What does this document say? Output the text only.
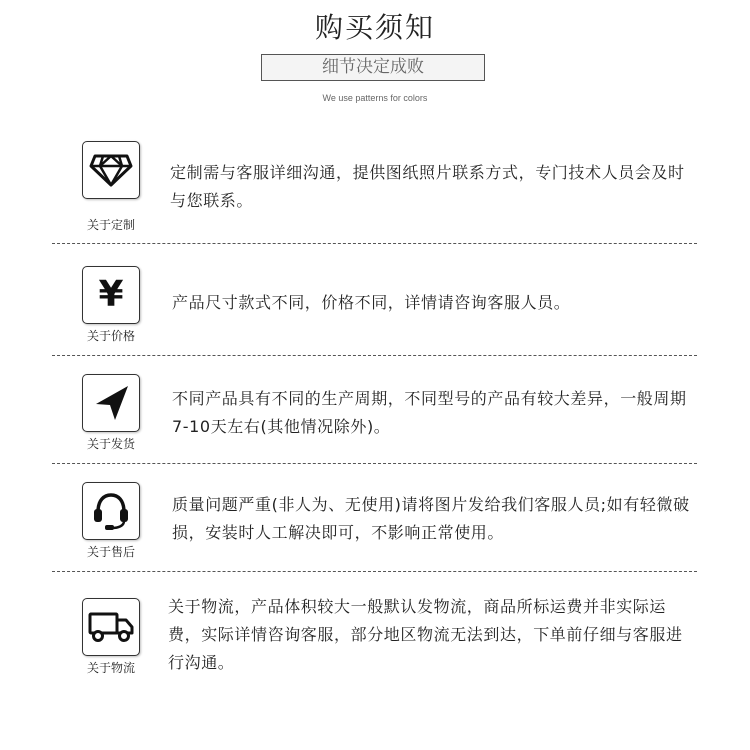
购买须知
细节决定成败
We use patterns for colors
关于定制
定制需与客服详细沟通，提供图纸照片联系方式，专门技术人员会及时与您联系。
¥
关于价格
产品尺寸款式不同，价格不同，详情请咨询客服人员。
关于发货
不同产品具有不同的生产周期，不同型号的产品有较大差异，一般周期7-10天左右(其他情况除外)。
关于售后
质量问题严重(非人为、无使用)请将图片发给我们客服人员;如有轻微破损，安装时人工解决即可，不影响正常使用。
关于物流
关于物流，产品体积较大一般默认发物流，商品所标运费并非实际运费，实际详情咨询客服，部分地区物流无法到达，下单前仔细与客服进行沟通。
